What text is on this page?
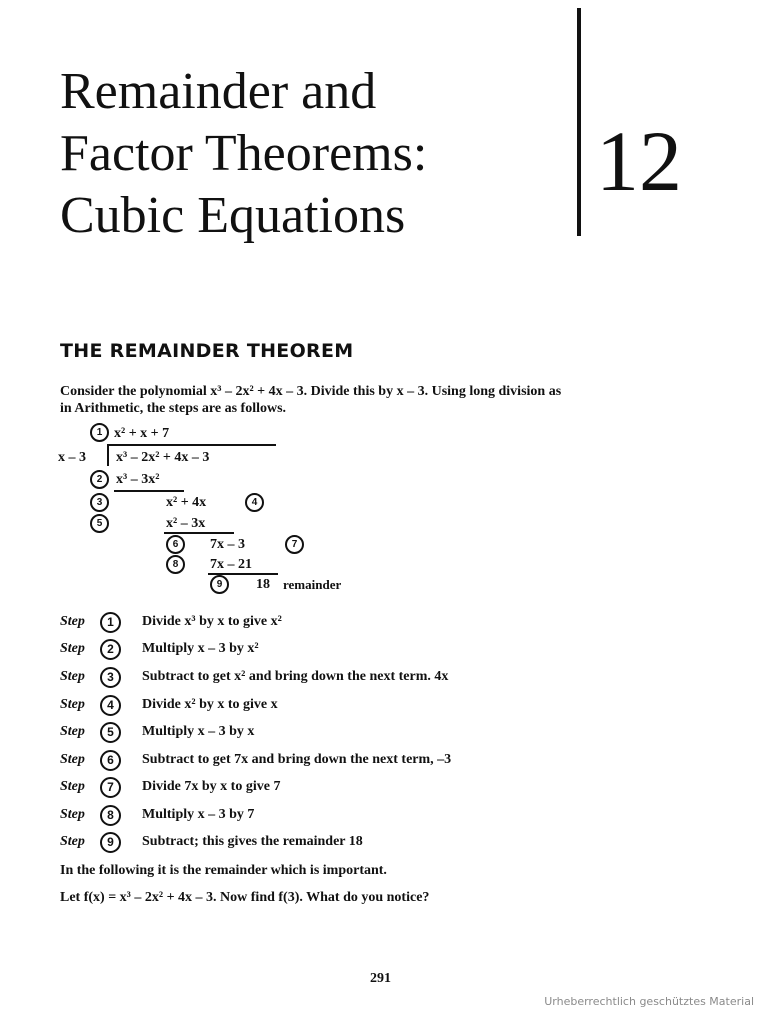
Remainder and
Factor Theorems:
Cubic Equations
12
THE REMAINDER THEOREM
Consider the polynomial x³ – 2x² + 4x – 3. Divide this by x – 3. Using long division as
in Arithmetic, the steps are as follows.
1 x² + x + 7
x – 3 x³ – 2x² + 4x – 3
2 x³ – 3x²
3	x² + 4x	4
5	x² – 3x
6	7x – 3	7
8	7x – 21
9	18 remainder
Step	1	Divide x³ by x to give x²
Step	2	Multiply x – 3 by x²
Step	3	Subtract to get x² and bring down the next term. 4x
Step	4	Divide x² by x to give x
Step	5	Multiply x – 3 by x
Step	6	Subtract to get 7x and bring down the next term, –3
Step	7	Divide 7x by x to give 7
Step	8	Multiply x – 3 by 7
Step	9	Subtract; this gives the remainder 18
In the following it is the remainder which is important.
Let f(x) = x³ – 2x² + 4x – 3. Now find f(3). What do you notice?
291
Urheberrechtlich geschütztes Material
